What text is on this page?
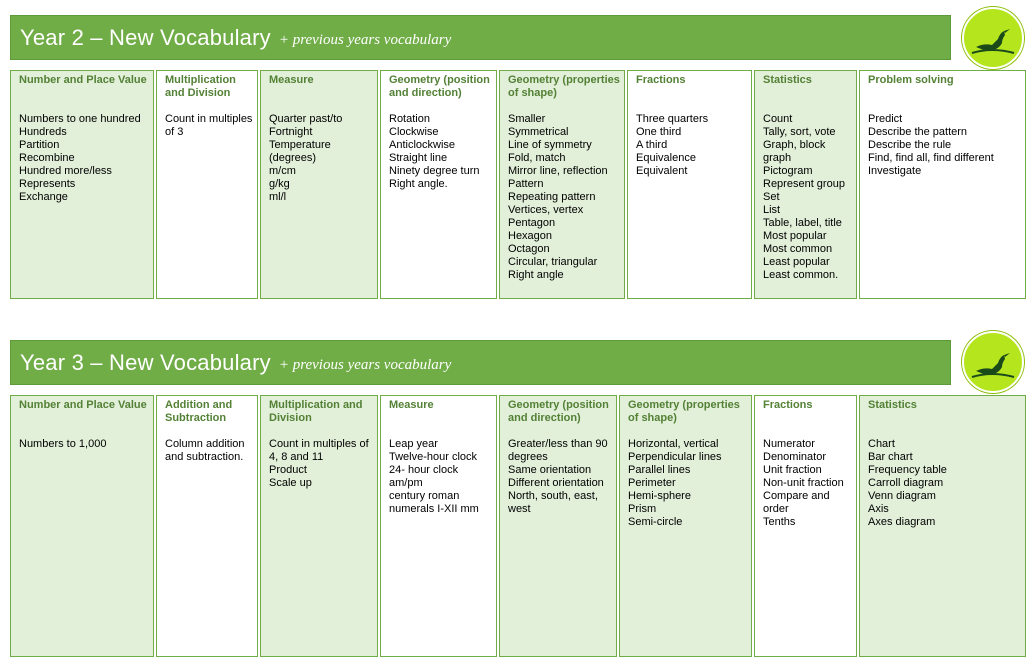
Year 2 – New Vocabulary + previous years vocabulary
Number and Place Value
Numbers to one hundred
Hundreds
Partition
Recombine
Hundred more/less
Represents
Exchange
Multiplication and Division
Count in multiples of 3
Measure
Quarter past/to
Fortnight
Temperature (degrees)
m/cm
g/kg
ml/l
Geometry (position and direction)
Rotation
Clockwise
Anticlockwise
Straight line
Ninety degree turn
Right angle.
Geometry (properties of shape)
Smaller
Symmetrical
Line of symmetry
Fold, match
Mirror line, reflection
Pattern
Repeating pattern
Vertices, vertex
Pentagon
Hexagon
Octagon
Circular, triangular
Right angle
Fractions
Three quarters
One third
A third
Equivalence
Equivalent
Statistics
Count
Tally, sort, vote
Graph, block graph
Pictogram
Represent group
Set
List
Table, label, title
Most popular
Most common
Least popular
Least common.
Problem solving
Predict
Describe the pattern
Describe the rule
Find, find all, find different
Investigate
Year 3 – New Vocabulary + previous years vocabulary
Number and Place Value
Numbers to 1,000
Addition and Subtraction
Column addition and subtraction.
Multiplication and Division
Count in multiples of 4, 8 and 11
Product
Scale up
Measure
Leap year
Twelve-hour clock
24- hour clock
am/pm
century roman numerals I-XII mm
Geometry (position and direction)
Greater/less than 90 degrees
Same orientation
Different orientation
North, south, east, west
Geometry (properties of shape)
Horizontal, vertical
Perpendicular lines
Parallel lines
Perimeter
Hemi-sphere
Prism
Semi-circle
Fractions
Numerator
Denominator
Unit fraction
Non-unit fraction
Compare and order
Tenths
Statistics
Chart
Bar chart
Frequency table
Carroll diagram
Venn diagram
Axis
Axes diagram
